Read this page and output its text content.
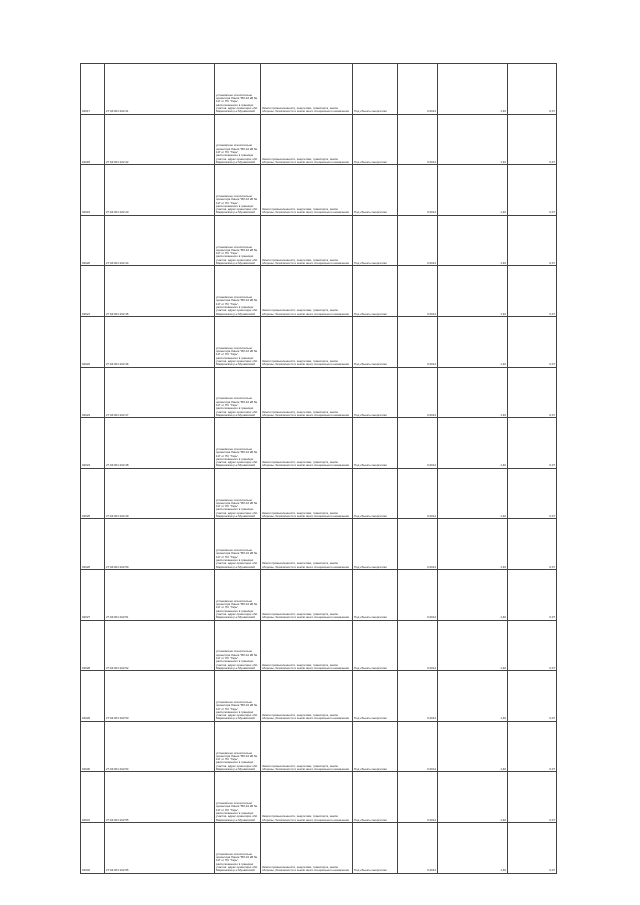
02617	27:04:001:102:41	установлено относительно ориентира Линия "ВЛ-10 кВ № 11Г от ПС "Гарь", расположенного в границах участка. адрес ориентира: обл. Мариинская р-н Мушкинский	Земли промышленности, энергетики, транспорта, земли обороны, безопасности и земли иного специального назначения	Под объекты энергетики	0,0014	1,40	0,07
02618	27:04:001:102:42	установлено относительно ориентира Линия "ВЛ-10 кВ № 11Г от ПС "Гарь", расположенного в границах участка. адрес ориентира: обл. Мариинская р-н Мушкинский	Земли промышленности, энергетики, транспорта, земли обороны, безопасности и земли иного специального назначения	Под объекты энергетики	0,0014	1,40	0,07
02619	27:04:001:102:43	установлено относительно ориентира Линия "ВЛ-10 кВ № 11Г от ПС "Гарь", расположенного в границах участка. адрес ориентира: обл. Мариинская р-н Мушкинский	Земли промышленности, энергетики, транспорта, земли обороны, безопасности и земли иного специального назначения	Под объекты энергетики	0,0014	1,40	0,07
02620	27:04:001:102:44	установлено относительно ориентира Линия "ВЛ-10 кВ № 11Г от ПС "Гарь", расположенного в границах участка. адрес ориентира: обл. Мариинская р-н Мушкинский	Земли промышленности, энергетики, транспорта, земли обороны, безопасности и земли иного специального назначения	Под объекты энергетики	0,0014	1,40	0,07
02621	27:04:001:102:45	установлено относительно ориентира Линия "ВЛ-10 кВ № 11Г от ПС "Гарь", расположенного в границах участка. адрес ориентира: обл. Мариинская р-н Мушкинский	Земли промышленности, энергетики, транспорта, земли обороны, безопасности и земли иного специального назначения	Под объекты энергетики	0,0014	1,40	0,07
02622	27:04:001:102:46	установлено относительно ориентира Линия "ВЛ-10 кВ № 11Г от ПС "Гарь", расположенного в границах участка. адрес ориентира: обл. Мариинская р-н Мушкинский	Земли промышленности, энергетики, транспорта, земли обороны, безопасности и земли иного специального назначения	Под объекты энергетики	0,0014	1,40	0,07
02623	27:04:001:102:47	установлено относительно ориентира Линия "ВЛ-10 кВ № 11Г от ПС "Гарь", расположенного в границах участка. адрес ориентира: обл. Мариинская р-н Мушкинский	Земли промышленности, энергетики, транспорта, земли обороны, безопасности и земли иного специального назначения	Под объекты энергетики	0,0014	1,40	0,07
02624	27:04:001:102:48	установлено относительно ориентира Линия "ВЛ-10 кВ № 11Г от ПС "Гарь", расположенного в границах участка. адрес ориентира: обл. Мариинская р-н Мушкинский	Земли промышленности, энергетики, транспорта, земли обороны, безопасности и земли иного специального назначения	Под объекты энергетики	0,0014	1,40	0,07
02625	27:04:001:102:49	установлено относительно ориентира Линия "ВЛ-10 кВ № 11Г от ПС "Гарь", расположенного в границах участка. адрес ориентира: обл. Мариинская р-н Мушкинский	Земли промышленности, энергетики, транспорта, земли обороны, безопасности и земли иного специального назначения	Под объекты энергетики	0,0014	1,40	0,07
02626	27:04:001:102:50	установлено относительно ориентира Линия "ВЛ-10 кВ № 11Г от ПС "Гарь", расположенного в границах участка. адрес ориентира: обл. Мариинская р-н Мушкинский	Земли промышленности, энергетики, транспорта, земли обороны, безопасности и земли иного специального назначения	Под объекты энергетики	0,0014	1,40	0,07
02627	27:04:001:102:51	установлено относительно ориентира Линия "ВЛ-10 кВ № 11Г от ПС "Гарь", расположенного в границах участка. адрес ориентира: обл. Мариинская р-н Мушкинский	Земли промышленности, энергетики, транспорта, земли обороны, безопасности и земли иного специального назначения	Под объекты энергетики	0,0014	1,40	0,07
02628	27:04:001:102:52	установлено относительно ориентира Линия "ВЛ-10 кВ № 11Г от ПС "Гарь", расположенного в границах участка. адрес ориентира: обл. Мариинская р-н Мушкинский	Земли промышленности, энергетики, транспорта, земли обороны, безопасности и земли иного специального назначения	Под объекты энергетики	0,0014	1,40	0,07
02629	27:04:001:102:53	установлено относительно ориентира Линия "ВЛ-10 кВ № 11Г от ПС "Гарь", расположенного в границах участка. адрес ориентира: обл. Мариинская р-н Мушкинский	Земли промышленности, энергетики, транспорта, земли обороны, безопасности и земли иного специального назначения	Под объекты энергетики	0,0014	1,40	0,07
02630	27:04:001:102:54	установлено относительно ориентира Линия "ВЛ-10 кВ № 11Г от ПС "Гарь", расположенного в границах участка. адрес ориентира: обл. Мариинская р-н Мушкинский	Земли промышленности, энергетики, транспорта, земли обороны, безопасности и земли иного специального назначения	Под объекты энергетики	0,0014	1,40	0,07
02631	27:04:001:102:55	установлено относительно ориентира Линия "ВЛ-10 кВ № 11Г от ПС "Гарь", расположенного в границах участка. адрес ориентира: обл. Мариинская р-н Мушкинский	Земли промышленности, энергетики, транспорта, земли обороны, безопасности и земли иного специального назначения	Под объекты энергетики	0,0014	1,40	0,07
02632	27:04:001:102:56	установлено относительно ориентира Линия "ВЛ-10 кВ № 11Г от ПС "Гарь", расположенного в границах участка. адрес ориентира: обл. Мариинская р-н Мушкинский	Земли промышленности, энергетики, транспорта, земли обороны, безопасности и земли иного специального назначения	Под объекты энергетики	0,0014	1,40	0,07
